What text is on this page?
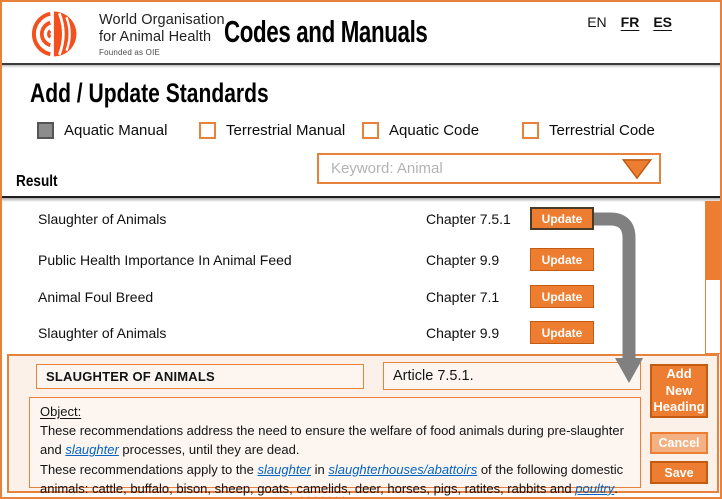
World Organisation
for Animal Health
Founded as OIE
Codes and Manuals	EN FR ES
Add / Update Standards
Aquatic Manual	Terrestrial Manual	Aquatic Code	Terrestrial Code
Keyword: Animal
Result
Slaughter of Animals	Chapter 7.5.1	Update
Public Health Importance In Animal Feed	Chapter 9.9	Update
Animal Foul Breed	Chapter 7.1	Update
Slaughter of Animals	Chapter 9.9	Update
SLAUGHTER OF ANIMALS
Article 7.5.1.
Object:
These recommendations address the need to ensure the welfare of food animals during pre-slaughter and slaughter processes, until they are dead.
These recommendations apply to the slaughter in slaughterhouses/abattoirs of the following domestic animals: cattle, buffalo, bison, sheep, goats, camelids, deer, horses, pigs, ratites, rabbits and poultry.
Add New Heading
Cancel
Save
